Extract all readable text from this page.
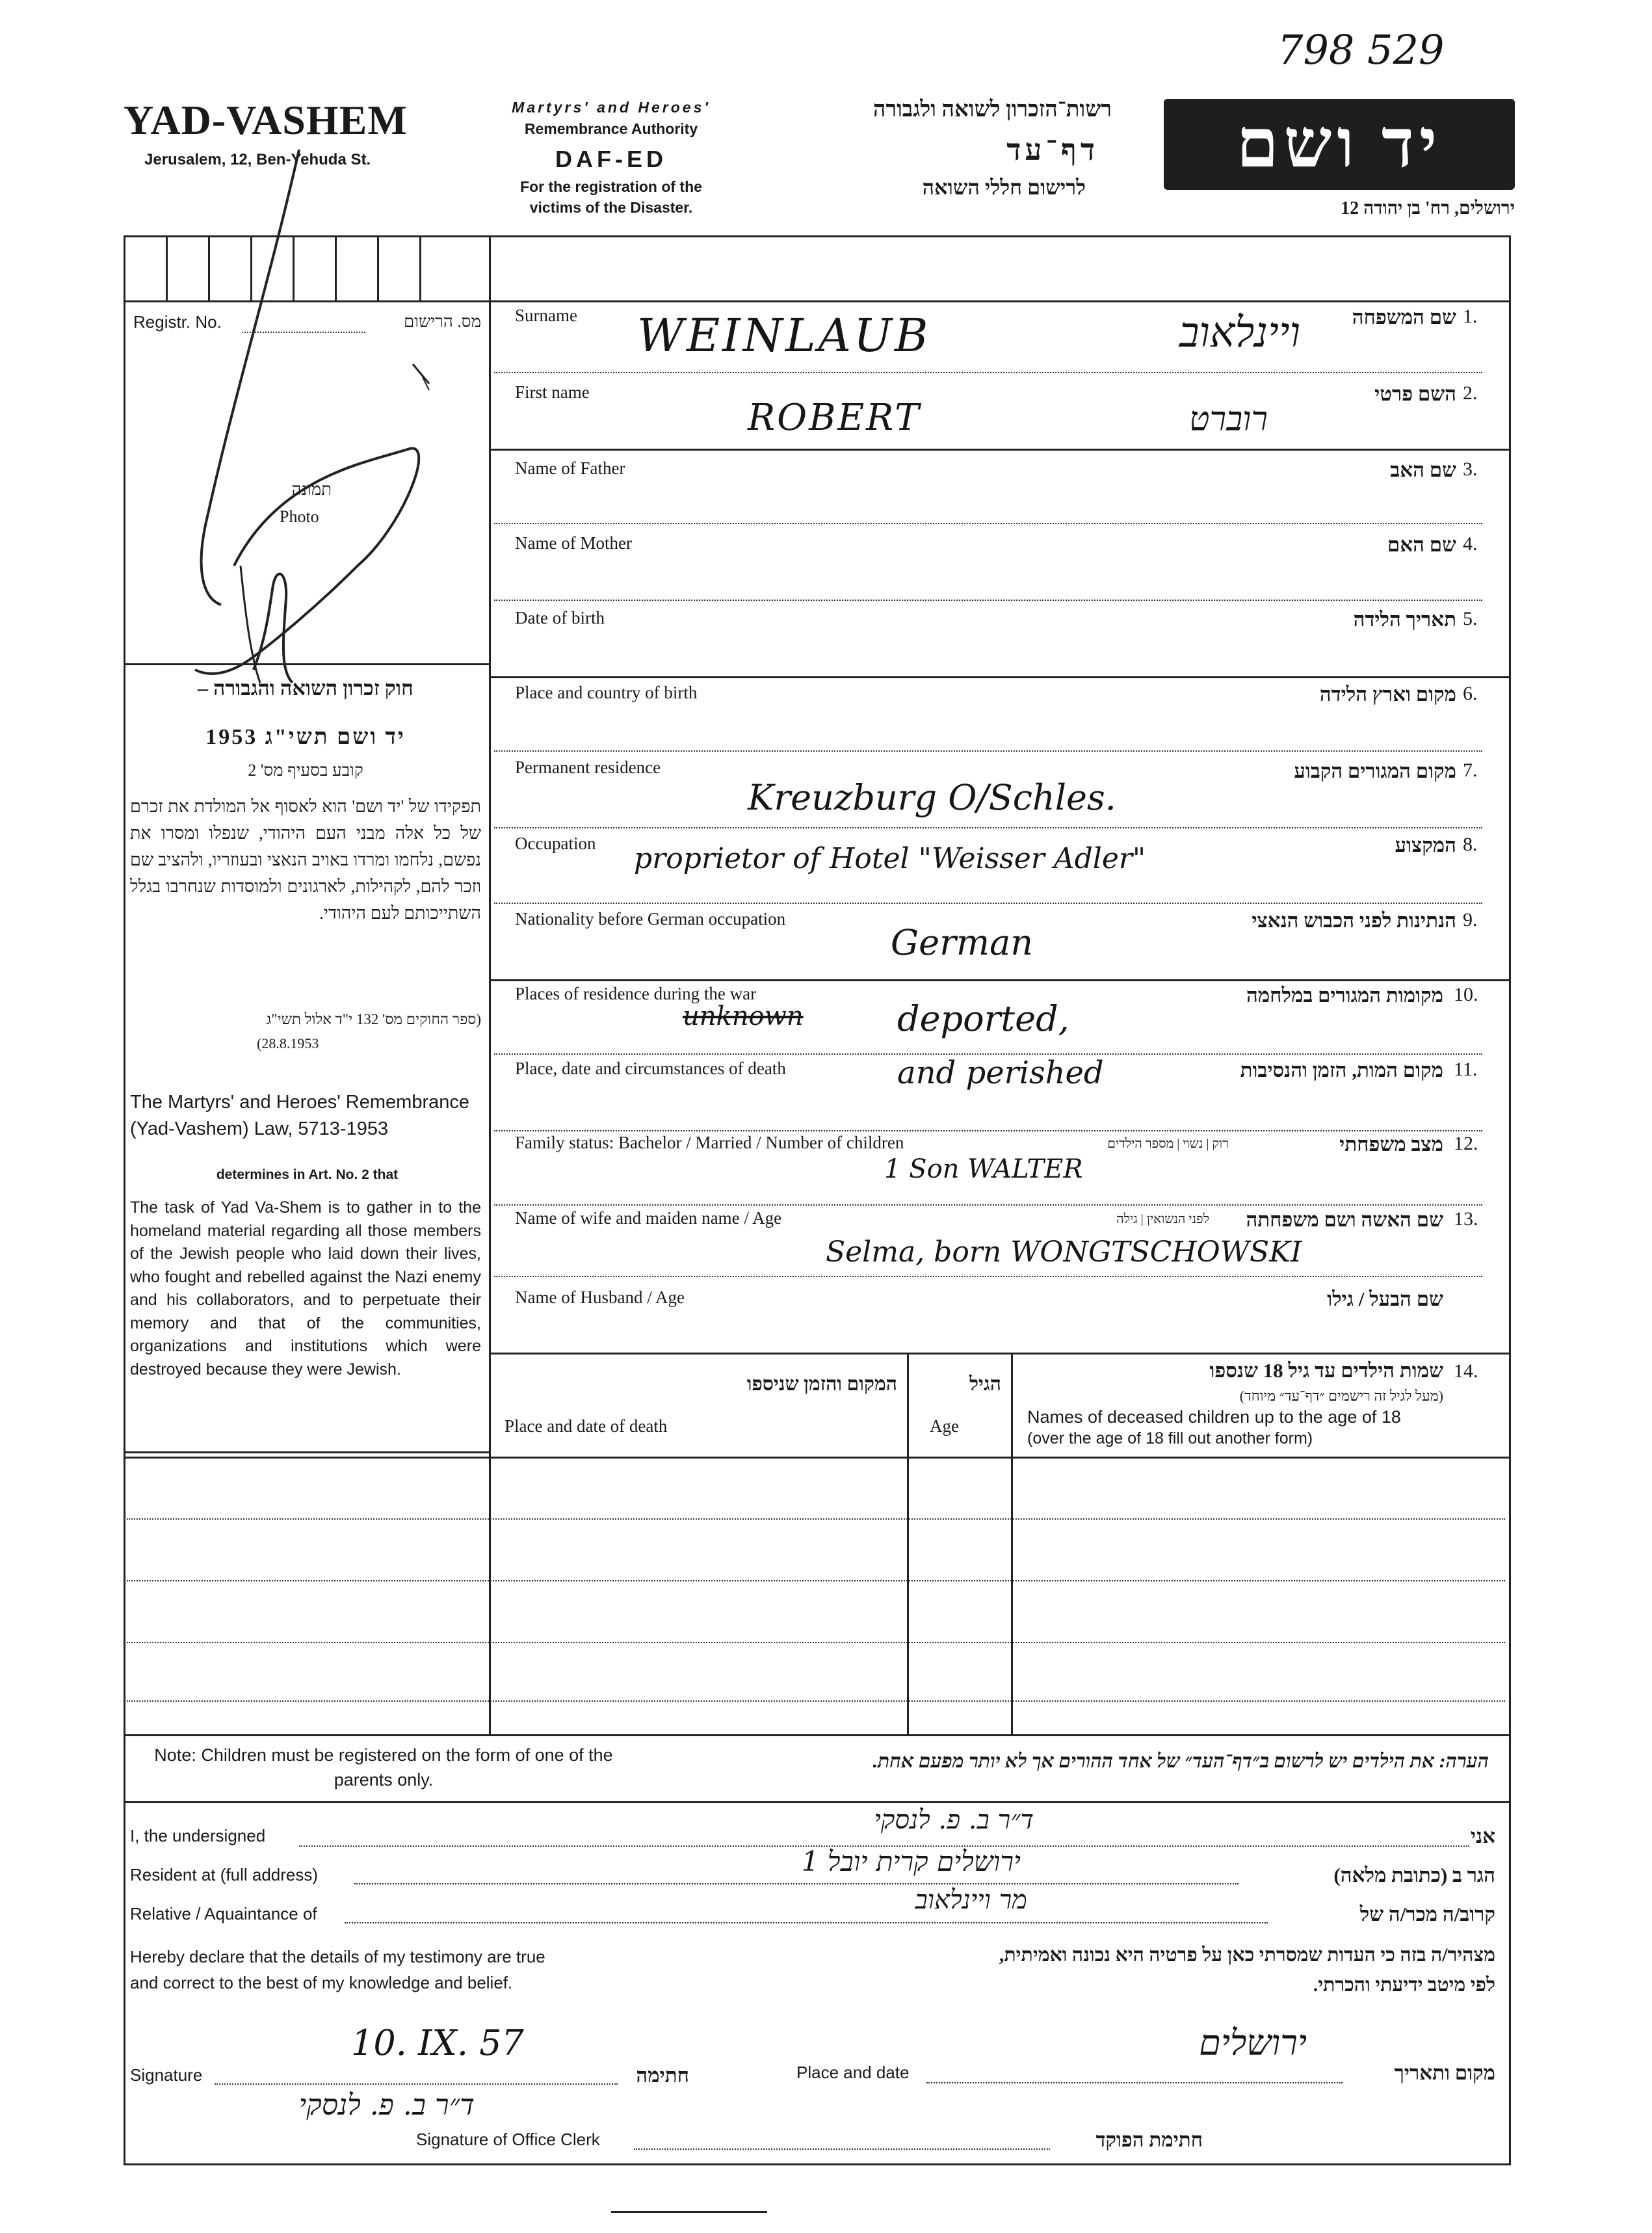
798 529
YAD-VASHEM
Jerusalem, 12, Ben-Yehuda St.
Martyrs' and Heroes'
Remembrance Authority
DAF-ED
For the registration of the
victims of the Disaster.
רשות־הזכרון לשואה ולגבורה
דף־עד
לרישום חללי השואה
יד ושם
ירושלים, רח' בן יהודה 12
Registr. No.	מס. הרישום
תמונה
Photo
חוק זכרון השואה והגבורה –
יד ושם תשי"ג 1953
קובע בסעיף מס' 2
תפקידו של 'יד ושם' הוא לאסוף אל המולדת את זכרם של כל אלה מבני העם היהודי, שנפלו ומסרו את נפשם, נלחמו ומרדו באויב הנאצי ובעוזריו, ולהציב שם וזכר להם, לקהילות, לארגונים ולמוסדות שנחרבו בגלל השתייכותם לעם היהודי.
(ספר החוקים מס' 132 י"ד אלול תשי"ג
(28.8.1953
The Martyrs' and Heroes' Remembrance (Yad-Vashem) Law, 5713-1953
determines in Art. No. 2 that
The task of Yad Va-Shem is to gather in to the homeland material regarding all those members of the Jewish people who laid down their lives, who fought and rebelled against the Nazi enemy and his collaborators, and to perpetuate their memory and that of the communities, organizations and institutions which were destroyed because they were Jewish.
Surname	שם המשפחה 1.
WEINLAUB	ויינלאוב
First name	השם פרטי 2.
ROBERT	רוברט
Name of Father	שם האב 3.
Name of Mother	שם האם 4.
Date of birth	תאריך הלידה 5.
Place and country of birth	מקום וארץ הלידה 6.
Permanent residence	מקום המגורים הקבוע 7.
Kreuzburg O/Schles.
Occupation	המקצוע 8.
proprietor of Hotel "Weisser Adler"
Nationality before German occupation	הנתינות לפני הכבוש הנאצי 9.
German
Places of residence during the war	מקומות המגורים במלחמה 10.
unknown	deported,
Place, date and circumstances of death	מקום המות, הזמן והנסיבות 11.
and perished
Family status: Bachelor / Married / Number of children	רוק | נשוי | מספר הילדים	מצב משפחתי 12.
1 Son WALTER
Name of wife and maiden name / Age	לפני הנשואין | גילה	שם האשה ושם משפחתה 13.
Selma, born WONGTSCHOWSKI
Name of Husband / Age	שם הבעל / גילו
14.
שמות הילדים עד גיל 18 שנספו
(מעל לגיל זה רישמים ״דף־עד״ מיוחד)
Names of deceased children up to the age of 18
(over the age of 18 fill out another form)
הגיל
Age
המקום והזמן שניספו
Place and date of death
Note: Children must be registered on the form of one of the parents only.
הערה: את הילדים יש לרשום ב״דף־העד״ של אחד ההורים אך לא יותר מפעם אחת.
I, the undersigned	אני
ד״ר ב. פ. לנסקי
Resident at (full address)	הגר ב (כתובת מלאה)
ירושלים קרית יובל 1
Relative / Aquaintance of	קרוב/ה מכר/ה של
מר ויינלאוב
Hereby declare that the details of my testimony are true
and correct to the best of my knowledge and belief.
מצהיר/ה בזה כי העדות שמסרתי כאן על פרטיה היא נכונה ואמיתית,
לפי מיטב ידיעתי והכרתי.
Signature	חתימה
10. IX. 57
ד״ר ב. פ. לנסקי
Place and date	מקום ותאריך
ירושלים
Signature of Office Clerk	חתימת הפוקד
